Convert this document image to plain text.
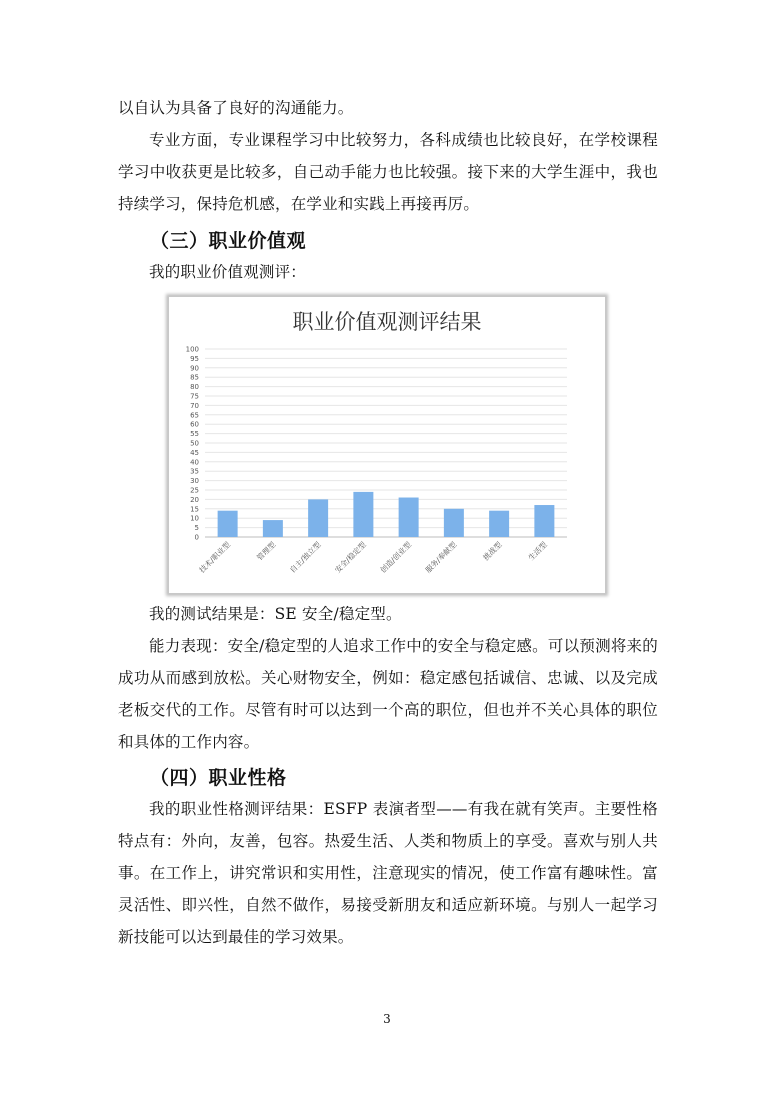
以自认为具备了良好的沟通能力。

专业方面，专业课程学习中比较努力，各科成绩也比较良好，在学校课程学习中收获更是比较多，自己动手能力也比较强。接下来的大学生涯中，我也持续学习，保持危机感，在学业和实践上再接再厉。

（三）职业价值观

我的职业价值观测评：

职业价值观测评结果
0
5
10
15
20
25
30
35
40
45
50
55
60
65
70
75
80
85
90
95
100
技术/职业型	管理型 自主/独立型 安全/稳定型 创造/创业型 服务/奉献型	挑战型	生活型

我的测试结果是：SE 安全/稳定型。

能力表现：安全/稳定型的人追求工作中的安全与稳定感。可以预测将来的成功从而感到放松。关心财物安全，例如：稳定感包括诚信、忠诚、以及完成老板交代的工作。尽管有时可以达到一个高的职位，但也并不关心具体的职位和具体的工作内容。

（四）职业性格

我的职业性格测评结果：ESFP 表演者型——有我在就有笑声。主要性格特点有：外向，友善，包容。热爱生活、人类和物质上的享受。喜欢与别人共事。在工作上，讲究常识和实用性，注意现实的情况，使工作富有趣味性。富灵活性、即兴性，自然不做作，易接受新朋友和适应新环境。与别人一起学习 新技能可以达到最佳的学习效果。

3
